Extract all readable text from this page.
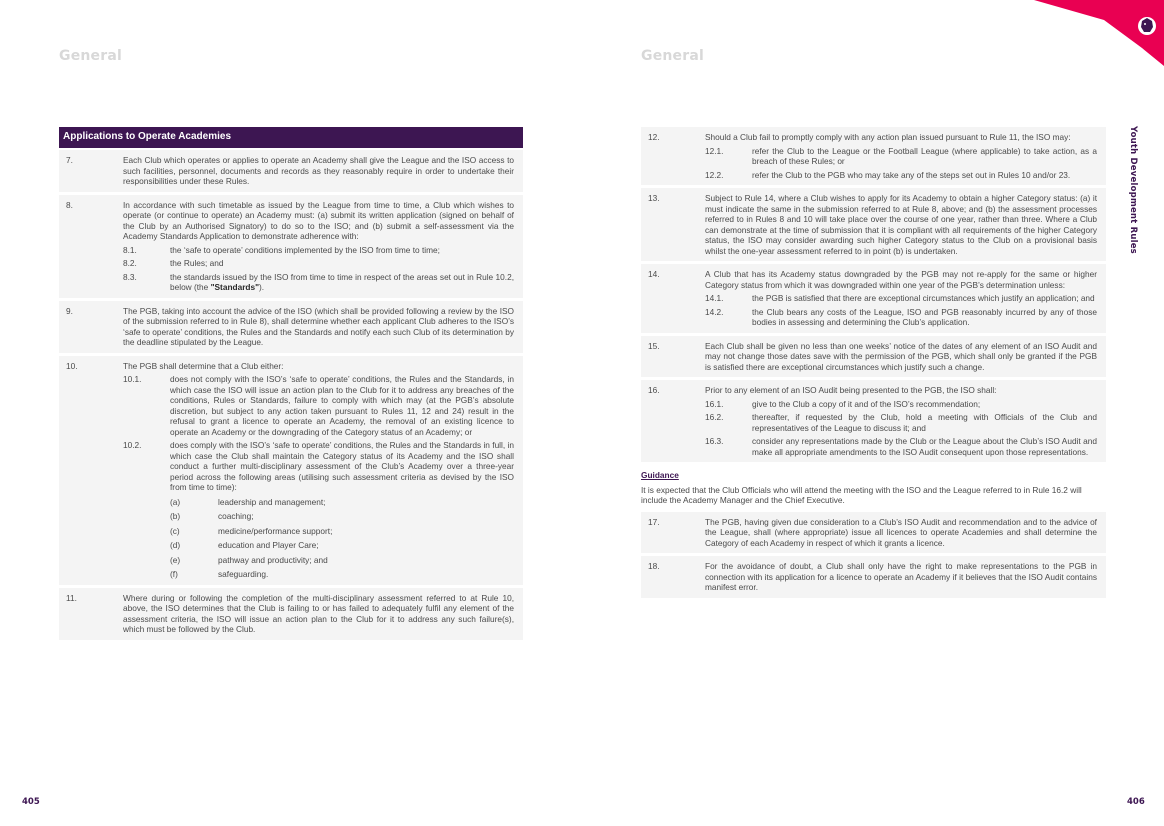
General	General
Youth Development Rules
Applications to Operate Academies
7.	Each Club which operates or applies to operate an Academy shall give the League and the ISO access to such facilities, personnel, documents and records as they reasonably require in order to undertake their responsibilities under these Rules.

8.	In accordance with such timetable as issued by the League from time to time, a Club which wishes to operate (or continue to operate) an Academy must: (a) submit its written application (signed on behalf of the Club by an Authorised Signatory) to do so to the ISO; and (b) submit a self-assessment via the Academy Standards Application to demonstrate adherence with:

8.1.	the ‘safe to operate’ conditions implemented by the ISO from time to time;
8.2.	the Rules; and
8.3.	the standards issued by the ISO from time to time in respect of the areas set out in Rule 10.2, below (the "Standards").
9.	The PGB, taking into account the advice of the ISO (which shall be provided following a review by the ISO of the submission referred to in Rule 8), shall determine whether each applicant Club adheres to the ISO’s ‘safe to operate’ conditions, the Rules and the Standards and notify each such Club of its determination by the deadline stipulated by the League.

10.	The PGB shall determine that a Club either:

10.1.	does not comply with the ISO’s ‘safe to operate’ conditions, the Rules and the Standards, in which case the ISO will issue an action plan to the Club for it to address any breaches of the conditions, Rules or Standards, failure to comply with which may (at the PGB’s absolute discretion, but subject to any action taken pursuant to Rules 11, 12 and 24) result in the refusal to grant a licence to operate an Academy, the removal of an existing licence to operate an Academy or the downgrading of the Category status of an Academy; or
10.2.	does comply with the ISO’s ‘safe to operate’ conditions, the Rules and the Standards in full, in which case the Club shall maintain the Category status of its Academy and the ISO shall conduct a further multi-disciplinary assessment of the Club’s Academy over a three-year period across the following areas (utilising such assessment criteria as devised by the ISO from time to time):
(a)	leadership and management;
(b)	coaching;
(c)	medicine/performance support;
(d)	education and Player Care;
(e)	pathway and productivity; and
(f)	safeguarding.
11.	Where during or following the completion of the multi-disciplinary assessment referred to at Rule 10, above, the ISO determines that the Club is failing to or has failed to adequately fulfil any element of the assessment criteria, the ISO will issue an action plan to the Club for it to address any such failure(s), which must be followed by the Club.

12.	Should a Club fail to promptly comply with any action plan issued pursuant to Rule 11, the ISO may:

12.1.	refer the Club to the League or the Football League (where applicable) to take action, as a breach of these Rules; or
12.2.	refer the Club to the PGB who may take any of the steps set out in Rules 10 and/or 23.
13.	Subject to Rule 14, where a Club wishes to apply for its Academy to obtain a higher Category status: (a) it must indicate the same in the submission referred to at Rule 8, above; and (b) the assessment processes referred to in Rules 8 and 10 will take place over the course of one year, rather than three. Where a Club can demonstrate at the time of submission that it is compliant with all requirements of the higher Category status, the ISO may consider awarding such higher Category status to the Club on a provisional basis whilst the one-year assessment referred to in point (b) is undertaken.

14.	A Club that has its Academy status downgraded by the PGB may not re-apply for the same or higher Category status from which it was downgraded within one year of the PGB’s determination unless:

14.1.	the PGB is satisfied that there are exceptional circumstances which justify an application; and
14.2.	the Club bears any costs of the League, ISO and PGB reasonably incurred by any of those bodies in assessing and determining the Club’s application.
15.	Each Club shall be given no less than one weeks’ notice of the dates of any element of an ISO Audit and may not change those dates save with the permission of the PGB, which shall only be granted if the PGB is satisfied there are exceptional circumstances which justify such a change.

16.	Prior to any element of an ISO Audit being presented to the PGB, the ISO shall:

16.1.	give to the Club a copy of it and of the ISO’s recommendation;
16.2.	thereafter, if requested by the Club, hold a meeting with Officials of the Club and representatives of the League to discuss it; and
16.3.	consider any representations made by the Club or the League about the Club’s ISO Audit and make all appropriate amendments to the ISO Audit consequent upon those representations.
Guidance
It is expected that the Club Officials who will attend the meeting with the ISO and the League referred to in Rule 16.2 will include the Academy Manager and the Chief Executive.
17.	The PGB, having given due consideration to a Club’s ISO Audit and recommendation and to the advice of the League, shall (where appropriate) issue all licences to operate Academies and shall determine the Category of each Academy in respect of which it grants a licence.

18.	For the avoidance of doubt, a Club shall only have the right to make representations to the PGB in connection with its application for a licence to operate an Academy if it believes that the ISO Audit contains manifest error.

405	406
